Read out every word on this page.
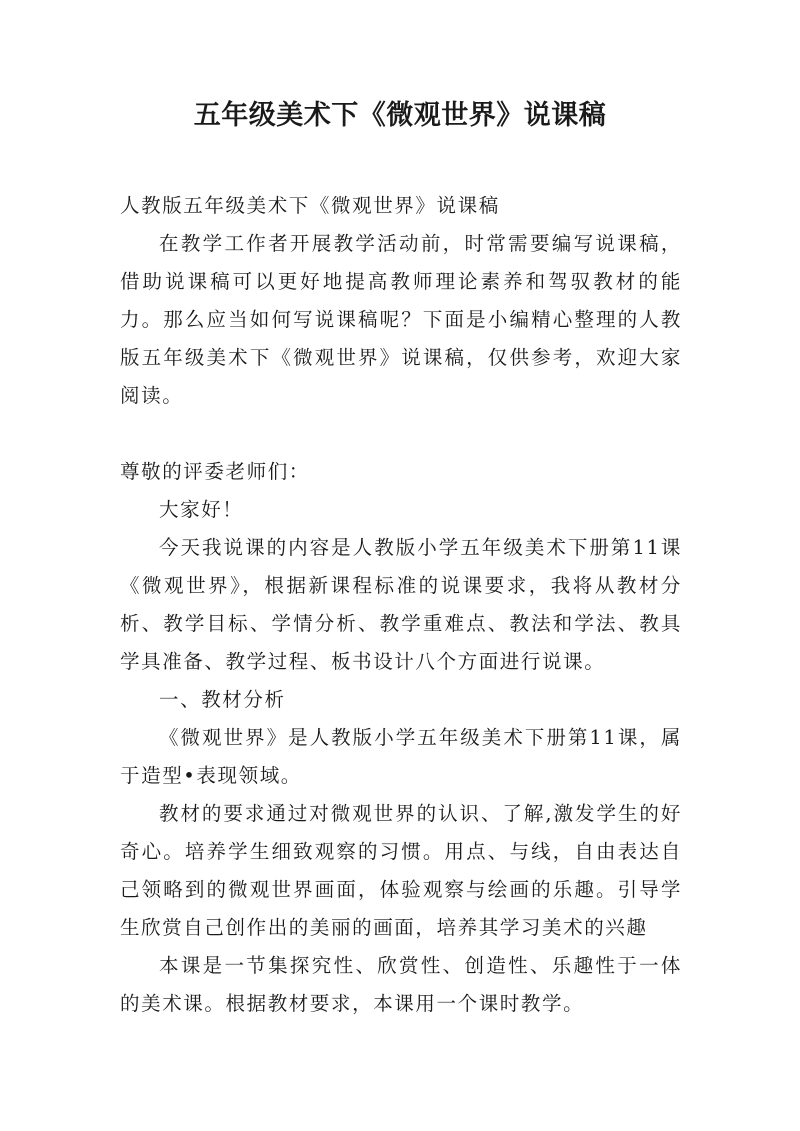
五年级美术下《微观世界》说课稿

人教版五年级美术下《微观世界》说课稿

在教学工作者开展教学活动前，时常需要编写说课稿，借助说课稿可以更好地提高教师理论素养和驾驭教材的能力。那么应当如何写说课稿呢？下面是小编精心整理的人教版五年级美术下《微观世界》说课稿，仅供参考，欢迎大家阅读。

尊敬的评委老师们：

大家好！

今天我说课的内容是人教版小学五年级美术下册第11课《微观世界》，根据新课程标准的说课要求，我将从教材分析、教学目标、学情分析、教学重难点、教法和学法、教具学具准备、教学过程、板书设计八个方面进行说课。

一、教材分析

《微观世界》是人教版小学五年级美术下册第11课，属于造型•表现领域。

教材的要求通过对微观世界的认识、了解,激发学生的好奇心。培养学生细致观察的习惯。用点、与线，自由表达自己领略到的微观世界画面，体验观察与绘画的乐趣。引导学生欣赏自己创作出的美丽的画面，培养其学习美术的兴趣

本课是一节集探究性、欣赏性、创造性、乐趣性于一体的美术课。根据教材要求，本课用一个课时教学。
